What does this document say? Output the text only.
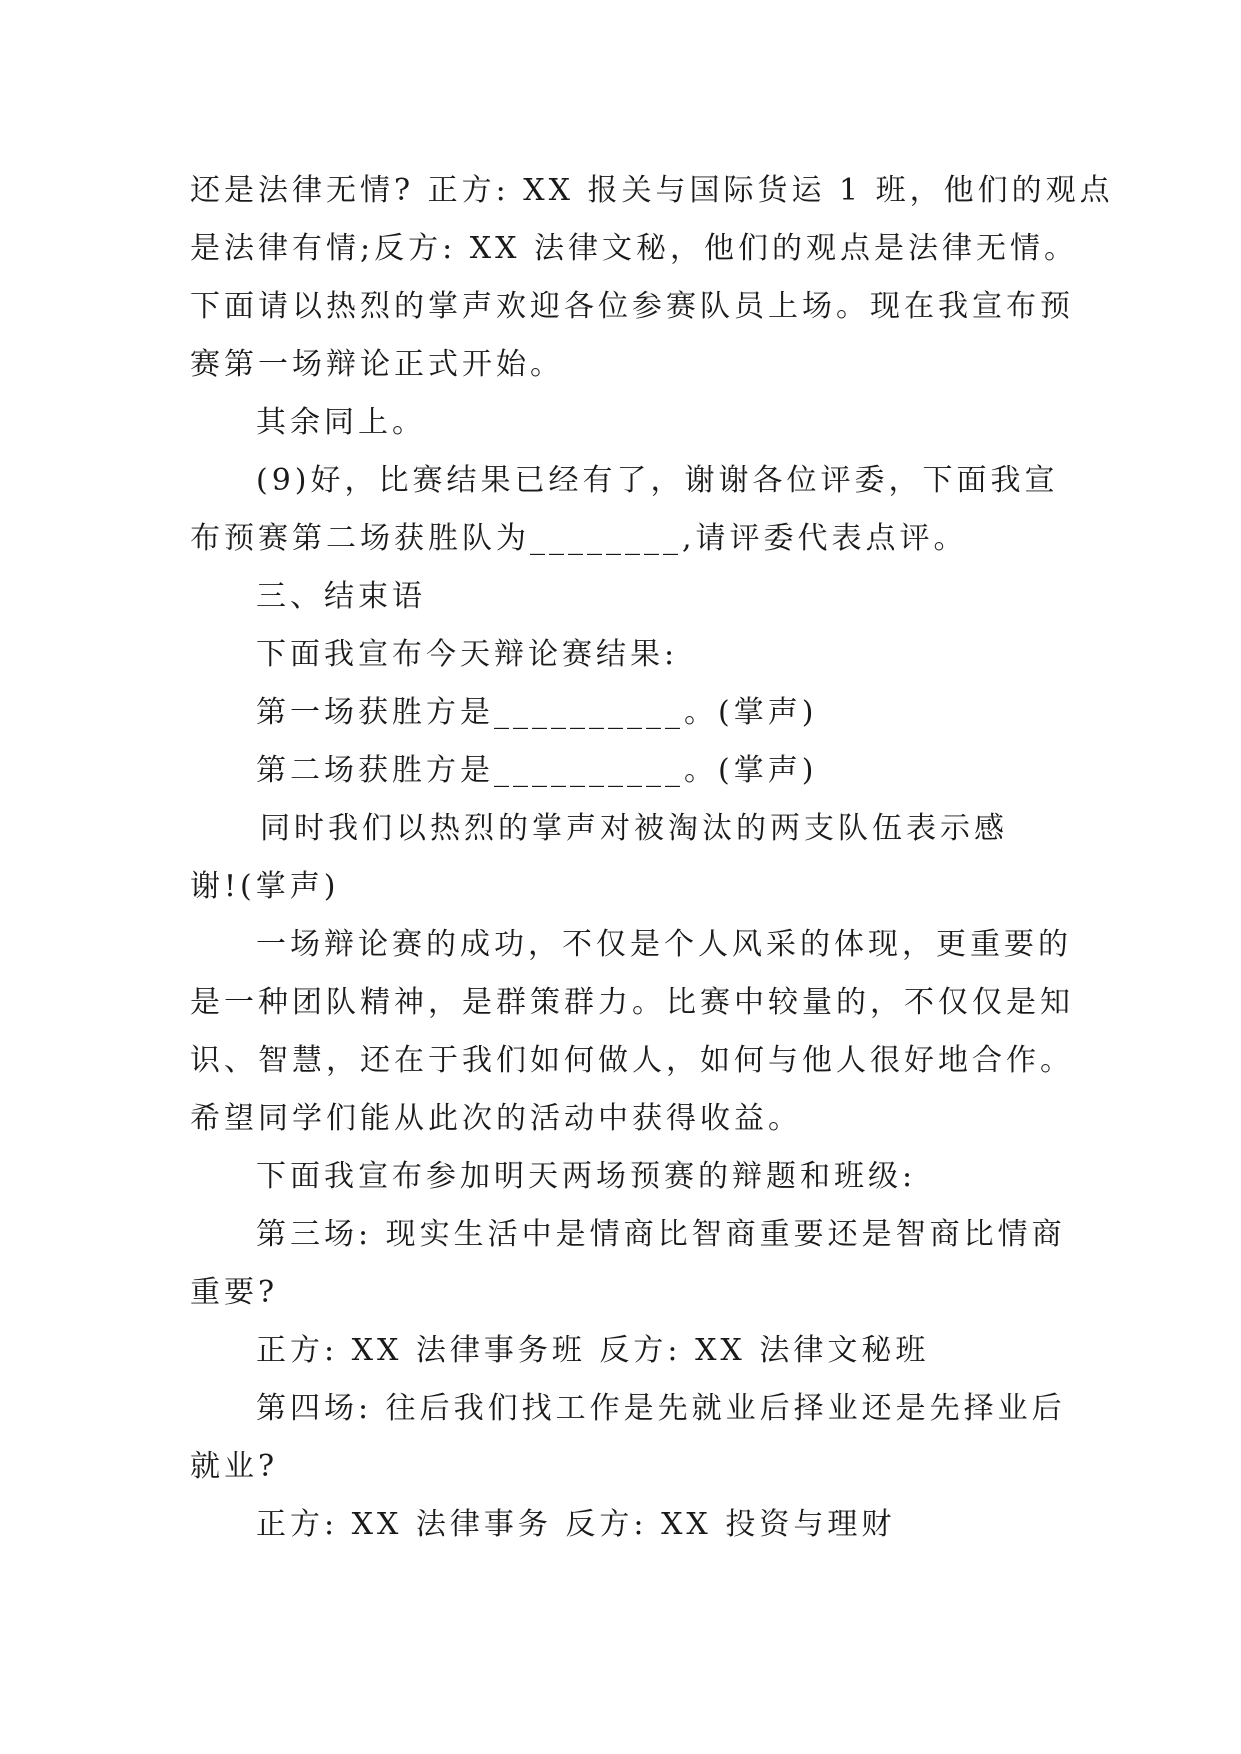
还是法律无情? 正方: XX 报关与国际货运 1 班，他们的观点
是法律有情;反方: XX 法律文秘，他们的观点是法律无情。
下面请以热烈的掌声欢迎各位参赛队员上场。现在我宣布预
赛第一场辩论正式开始。
其余同上。
(9)好，比赛结果已经有了，谢谢各位评委，下面我宣
布预赛第二场获胜队为________,请评委代表点评。
三、结束语
下面我宣布今天辩论赛结果:
第一场获胜方是__________。(掌声)
第二场获胜方是__________。(掌声)
同时我们以热烈的掌声对被淘汰的两支队伍表示感
谢!(掌声)
一场辩论赛的成功，不仅是个人风采的体现，更重要的
是一种团队精神，是群策群力。比赛中较量的，不仅仅是知
识、智慧，还在于我们如何做人，如何与他人很好地合作。
希望同学们能从此次的活动中获得收益。
下面我宣布参加明天两场预赛的辩题和班级:
第三场: 现实生活中是情商比智商重要还是智商比情商
重要?
正方: XX 法律事务班 反方: XX 法律文秘班
第四场: 往后我们找工作是先就业后择业还是先择业后
就业?
正方: XX 法律事务 反方: XX 投资与理财
